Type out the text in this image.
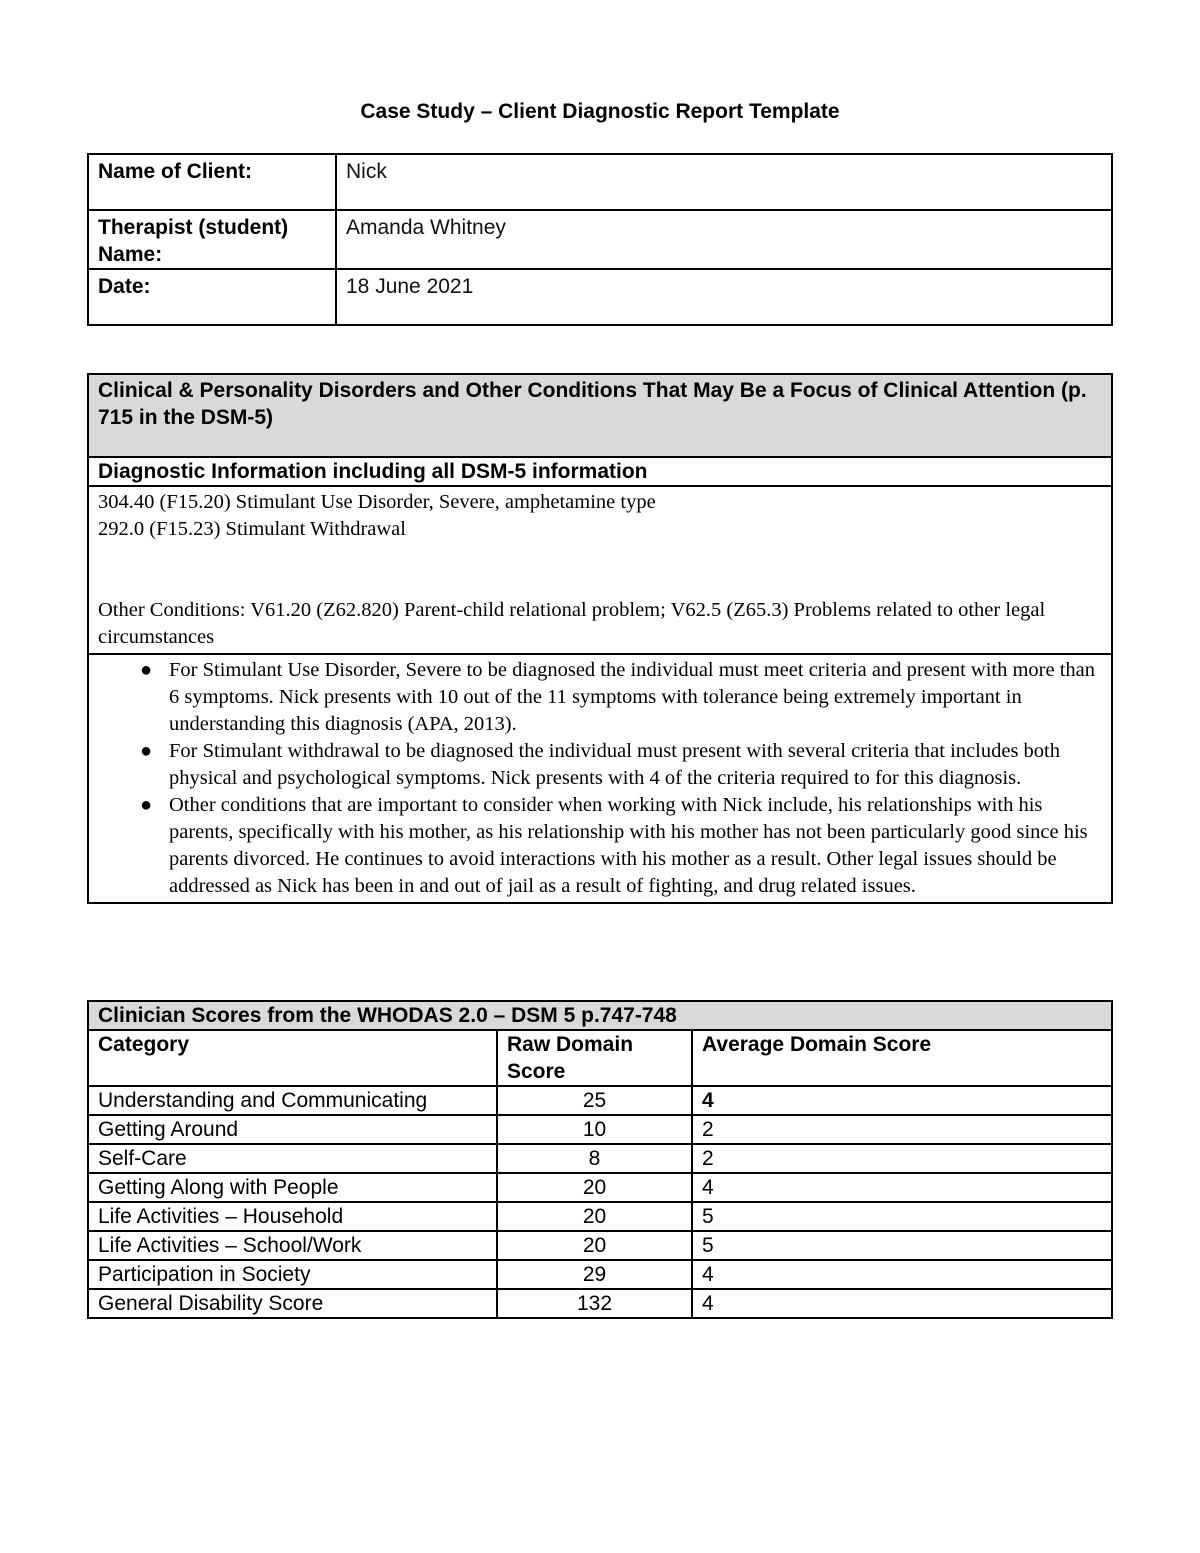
Case Study – Client Diagnostic Report Template
Name of Client:	Nick
Therapist (student) Name:	Amanda Whitney
Date:	18 June 2021
Clinical & Personality Disorders and Other Conditions That May Be a Focus of Clinical Attention (p. 715 in the DSM-5)
Diagnostic Information including all DSM-5 information

304.40 (F15.20) Stimulant Use Disorder, Severe, amphetamine type

292.0 (F15.23) Stimulant Withdrawal

Other Conditions: V61.20 (Z62.820) Parent-child relational problem; V62.5 (Z65.3) Problems related to other legal circumstances

● For Stimulant Use Disorder, Severe to be diagnosed the individual must meet criteria and present with more than 6 symptoms. Nick presents with 10 out of the 11 symptoms with tolerance being extremely important in understanding this diagnosis (APA, 2013).
● For Stimulant withdrawal to be diagnosed the individual must present with several criteria that includes both physical and psychological symptoms. Nick presents with 4 of the criteria required to for this diagnosis.
● Other conditions that are important to consider when working with Nick include, his relationships with his parents, specifically with his mother, as his relationship with his mother has not been particularly good since his parents divorced. He continues to avoid interactions with his mother as a result. Other legal issues should be addressed as Nick has been in and out of jail as a result of fighting, and drug related issues.
Clinician Scores from the WHODAS 2.0 – DSM 5 p.747-748		
Category	Raw Domain Score	Average Domain Score
Understanding and Communicating	25	4
Getting Around	10	2
Self-Care	8	2
Getting Along with People	20	4
Life Activities – Household	20	5
Life Activities – School/Work	20	5
Participation in Society	29	4
General Disability Score	132	4
